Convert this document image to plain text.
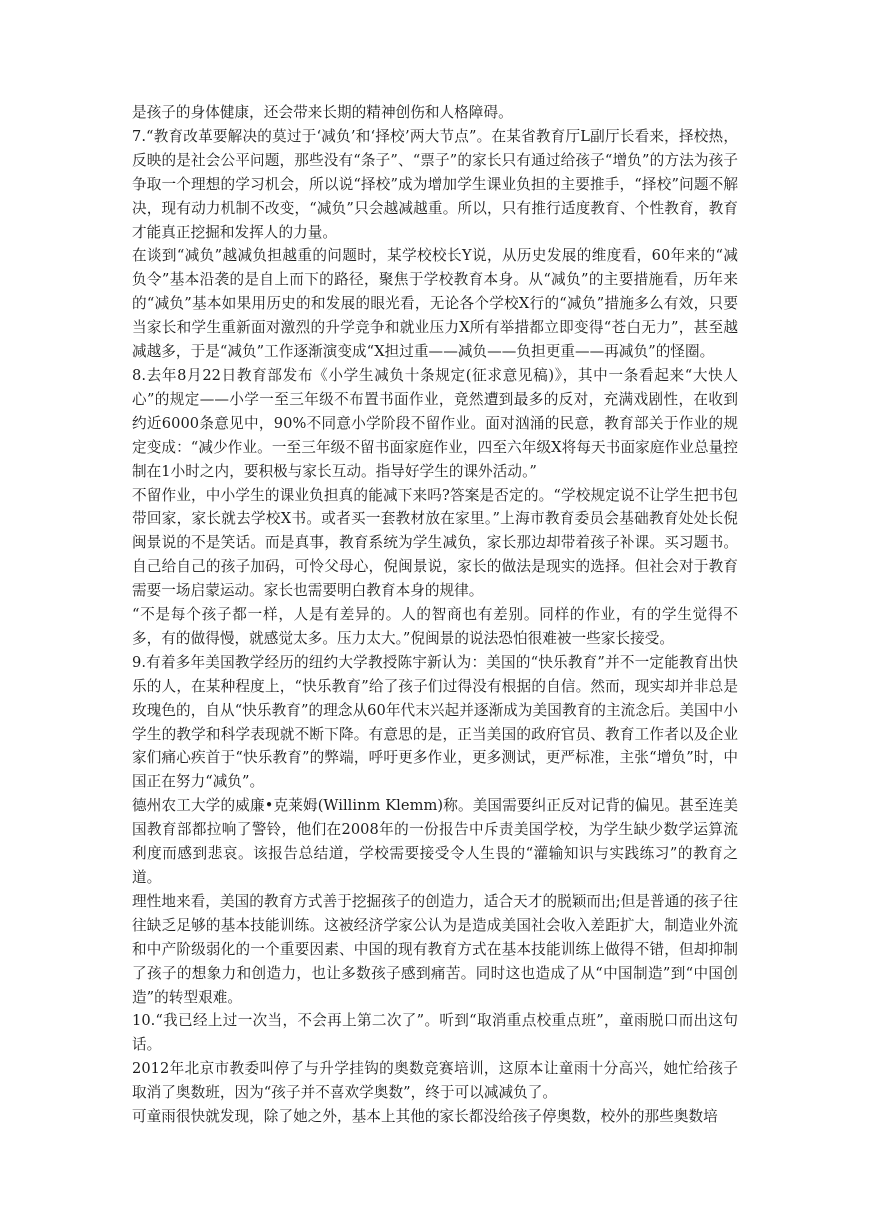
是孩子的身体健康，还会带来长期的精神创伤和人格障碍。

7.“教育改革要解决的莫过于‘减负’和‘择校’两大节点”。在某省教育厅L副厅长看来，择校热，反映的是社会公平问题，那些没有“条子”、“票子”的家长只有通过给孩子“增负”的方法为孩子争取一个理想的学习机会，所以说“择校”成为增加学生课业负担的主要推手，“择校”问题不解决，现有动力机制不改变，“减负”只会越减越重。所以，只有推行适度教育、个性教育，教育才能真正挖掘和发挥人的力量。

在谈到“减负”越减负担越重的问题时，某学校校长Y说，从历史发展的维度看，60年来的“减负令”基本沿袭的是自上而下的路径，聚焦于学校教育本身。从“减负”的主要措施看，历年来的“减负”基本如果用历史的和发展的眼光看，无论各个学校X行的“减负”措施多么有效，只要当家长和学生重新面对激烈的升学竞争和就业压力X所有举措都立即变得“苍白无力”，甚至越减越多，于是“减负”工作逐渐演变成“X担过重——减负——负担更重——再减负”的怪圈。

8.去年8月22日教育部发布《小学生减负十条规定(征求意见稿)》，其中一条看起来“大快人心”的规定——小学一至三年级不布置书面作业，竟然遭到最多的反对，充满戏剧性，在收到约近6000条意见中，90%不同意小学阶段不留作业。面对汹涌的民意，教育部关于作业的规定变成：“减少作业。一至三年级不留书面家庭作业，四至六年级X将每天书面家庭作业总量控制在1小时之内，要积极与家长互动。指导好学生的课外活动。”

不留作业，中小学生的课业负担真的能减下来吗?答案是否定的。“学校规定说不让学生把书包带回家，家长就去学校X书。或者买一套教材放在家里。”上海市教育委员会基础教育处处长倪闽景说的不是笑话。而是真事，教育系统为学生减负，家长那边却带着孩子补课。买习题书。自己给自己的孩子加码，可怜父母心，倪闽景说，家长的做法是现实的选择。但社会对于教育需要一场启蒙运动。家长也需要明白教育本身的规律。

“不是每个孩子都一样，人是有差异的。人的智商也有差别。同样的作业，有的学生觉得不多，有的做得慢，就感觉太多。压力太大。”倪闽景的说法恐怕很难被一些家长接受。

9.有着多年美国教学经历的纽约大学教授陈宇新认为：美国的“快乐教育”并不一定能教育出快乐的人，在某种程度上，“快乐教育”给了孩子们过得没有根据的自信。然而，现实却并非总是玫瑰色的，自从“快乐教育”的理念从60年代末兴起并逐渐成为美国教育的主流念后。美国中小学生的教学和科学表现就不断下降。有意思的是，正当美国的政府官员、教育工作者以及企业家们痛心疾首于“快乐教育”的弊端，呼吁更多作业，更多测试，更严标准，主张“增负”时，中国正在努力“减负”。

德州农工大学的威廉•克莱姆(Willinm Klemm)称。美国需要纠正反对记背的偏见。甚至连美国教育部都拉响了警铃，他们在2008年的一份报告中斥责美国学校，为学生缺少数学运算流利度而感到悲哀。该报告总结道，学校需要接受令人生畏的“灌输知识与实践练习”的教育之道。

理性地来看，美国的教育方式善于挖掘孩子的创造力，适合天才的脱颖而出;但是普通的孩子往往缺乏足够的基本技能训练。这被经济学家公认为是造成美国社会收入差距扩大，制造业外流和中产阶级弱化的一个重要因素、中国的现有教育方式在基本技能训练上做得不错，但却抑制了孩子的想象力和创造力，也让多数孩子感到痛苦。同时这也造成了从“中国制造”到“中国创造”的转型艰难。

10.“我已经上过一次当，不会再上第二次了”。听到“取消重点校重点班”，童雨脱口而出这句话。

2012年北京市教委叫停了与升学挂钩的奥数竞赛培训，这原本让童雨十分高兴，她忙给孩子取消了奥数班，因为“孩子并不喜欢学奥数”，终于可以减减负了。

可童雨很快就发现，除了她之外，基本上其他的家长都没给孩子停奥数，校外的那些奥数培
